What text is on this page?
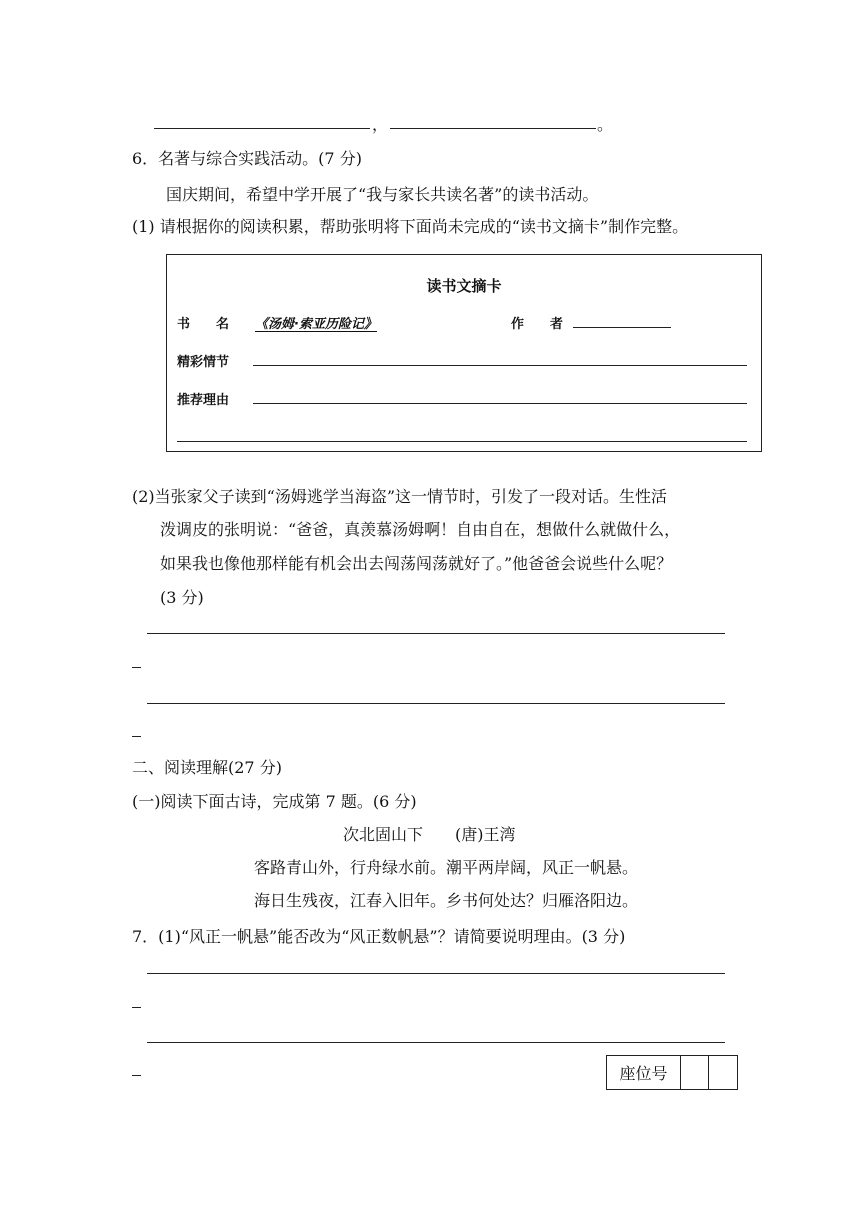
，	。
6．名著与综合实践活动。(7 分)
国庆期间，希望中学开展了“我与家长共读名著”的读书活动。
(1) 请根据你的阅读积累，帮助张明将下面尚未完成的“读书文摘卡”制作完整。
读书文摘卡
书　　名 《汤姆·索亚历险记》	作　　者
精彩情节
推荐理由
(2)当张家父子读到“汤姆逃学当海盗”这一情节时，引发了一段对话。生性活
泼调皮的张明说：“爸爸，真羡慕汤姆啊！自由自在，想做什么就做什么，
如果我也像他那样能有机会出去闯荡闯荡就好了。”他爸爸会说些什么呢？
(3 分)
二、阅读理解(27 分)
(一)阅读下面古诗，完成第 7 题。(6 分)
次北固山下　　(唐)王湾
客路青山外，行舟绿水前。潮平两岸阔，风正一帆悬。
海日生残夜，江春入旧年。乡书何处达？归雁洛阳边。
7．(1)“风正一帆悬”能否改为“风正数帆悬”？请简要说明理由。(3 分)
座位号
